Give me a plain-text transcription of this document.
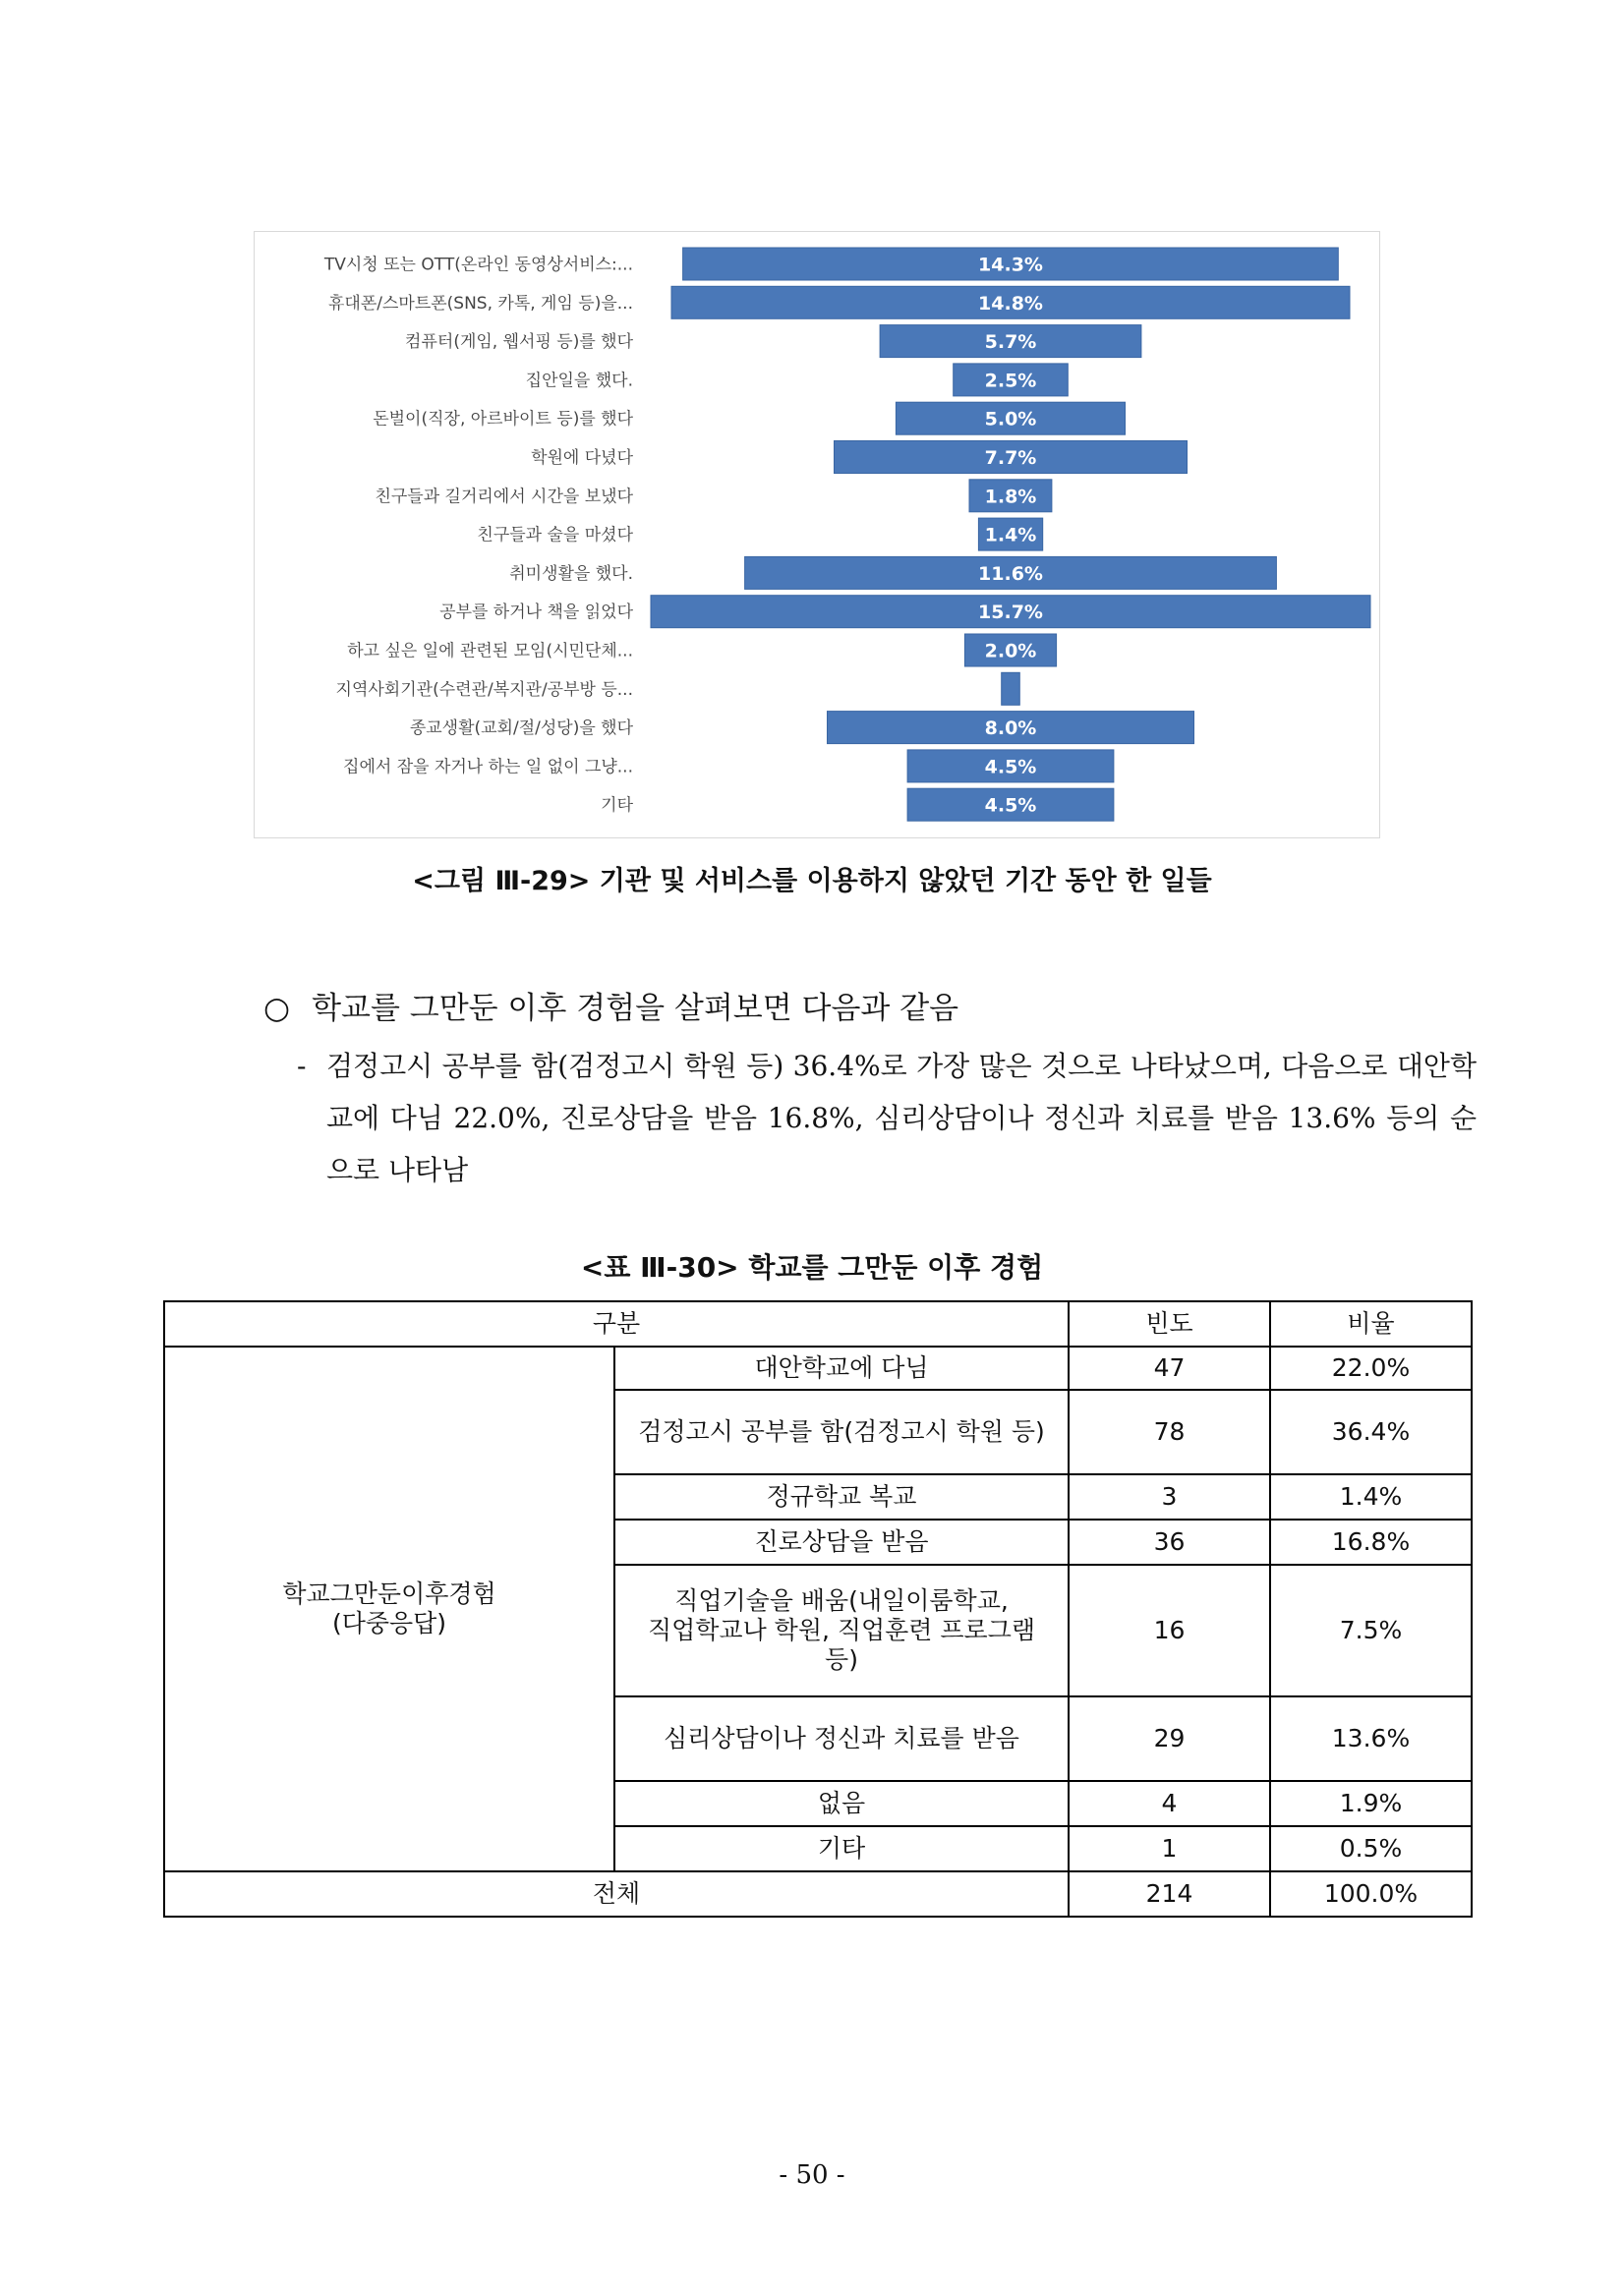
TV시청 또는 OTT(온라인 동영상서비스:...	14.3%
휴대폰/스마트폰(SNS, 카톡, 게임 등)을...	14.8%
컴퓨터(게임, 웹서핑 등)를 했다	5.7%
집안일을 했다.	2.5%
돈벌이(직장, 아르바이트 등)를 했다	5.0%
학원에 다녔다	7.7%
친구들과 길거리에서 시간을 보냈다	1.8%
친구들과 술을 마셨다	1.4%
취미생활을 했다.	11.6%
공부를 하거나 책을 읽었다	15.7%
하고 싶은 일에 관련된 모임(시민단체...	2.0%
지역사회기관(수련관/복지관/공부방 등...
종교생활(교회/절/성당)을 했다	8.0%
집에서 잠을 자거나 하는 일 없이 그냥...	4.5%
기타	4.5%
<그림 Ⅲ-29> 기관 및 서비스를 이용하지 않았던 기간 동안 한 일들
○ 학교를 그만둔 이후 경험을 살펴보면 다음과 같음
- 검정고시 공부를 함(검정고시 학원 등) 36.4%로 가장 많은 것으로 나타났으며, 다음으로 대안학교에 다님 22.0%, 진로상담을 받음 16.8%, 심리상담이나 정신과 치료를 받음 13.6% 등의 순으로 나타남
<표 Ⅲ-30> 학교를 그만둔 이후 경험
구분		빈도	비율
학교그만둔이후경험
(다중응답)	대안학교에 다님	47	22.0%
	검정고시 공부를 함(검정고시 학원 등)	78	36.4%
	정규학교 복교	3	1.4%
	진로상담을 받음	36	16.8%
	직업기술을 배움(내일이룸학교,
직업학교나 학원, 직업훈련 프로그램
등)	16	7.5%
	심리상담이나 정신과 치료를 받음	29	13.6%
	없음	4	1.9%
	기타	1	0.5%
전체		214	100.0%
- 50 -
